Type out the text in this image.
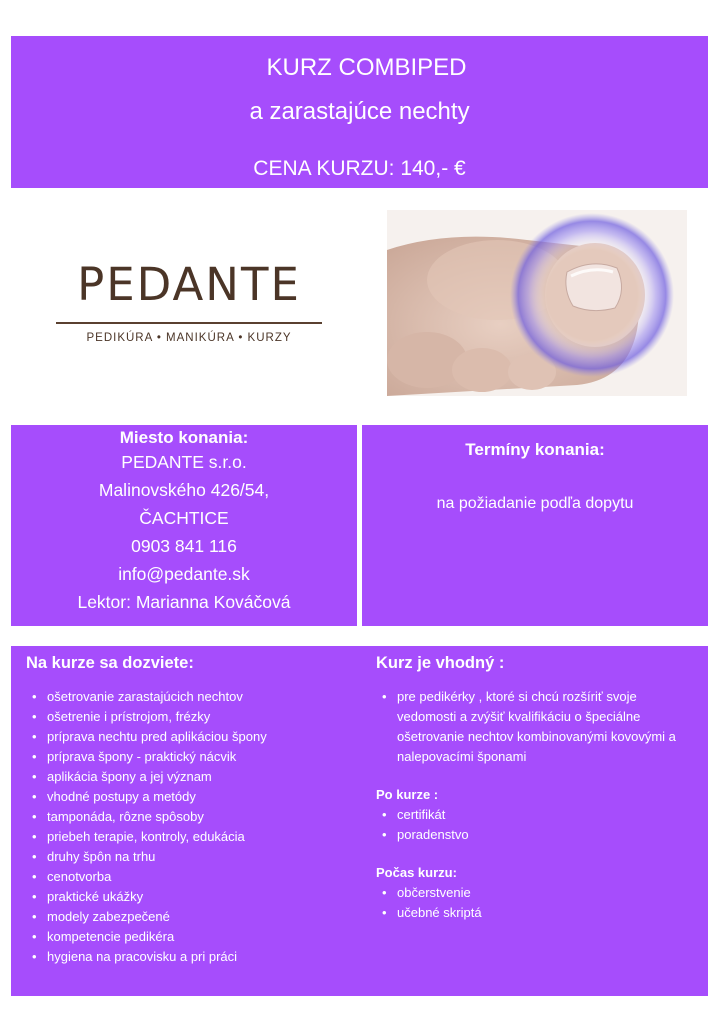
KURZ COMBIPED
a zarastajúce nechty
CENA KURZU: 140,- €
PEDANTE
PEDIKÚRA • MANIKÚRA • KURZY
Miesto konania:
PEDANTE s.r.o.
Malinovského 426/54,
ČACHTICE
0903 841 116
info@pedante.sk
Lektor: Marianna Kováčová
Termíny konania:
na požiadanie podľa dopytu
Na kurze sa dozviete:
• ošetrovanie zarastajúcich nechtov
• ošetrenie i prístrojom, frézky
• príprava nechtu pred aplikáciou špony
• príprava špony - praktický nácvik
• aplikácia špony a jej význam
• vhodné postupy a metódy
• tamponáda, rôzne spôsoby
• priebeh terapie, kontroly, edukácia
• druhy špôn na trhu
• cenotvorba
• praktické ukážky
• modely zabezpečené
• kompetencie pedikéra
• hygiena na pracovisku a pri práci
Kurz je vhodný :
• pre pedikérky , ktoré si chcú rozšíriť svoje vedomosti a zvýšiť kvalifikáciu o špeciálne ošetrovanie nechtov kombinovanými kovovými a nalepovacími šponami
Po kurze :
• certifikát
• poradenstvo
Počas kurzu:
• občerstvenie
• učebné skriptá
